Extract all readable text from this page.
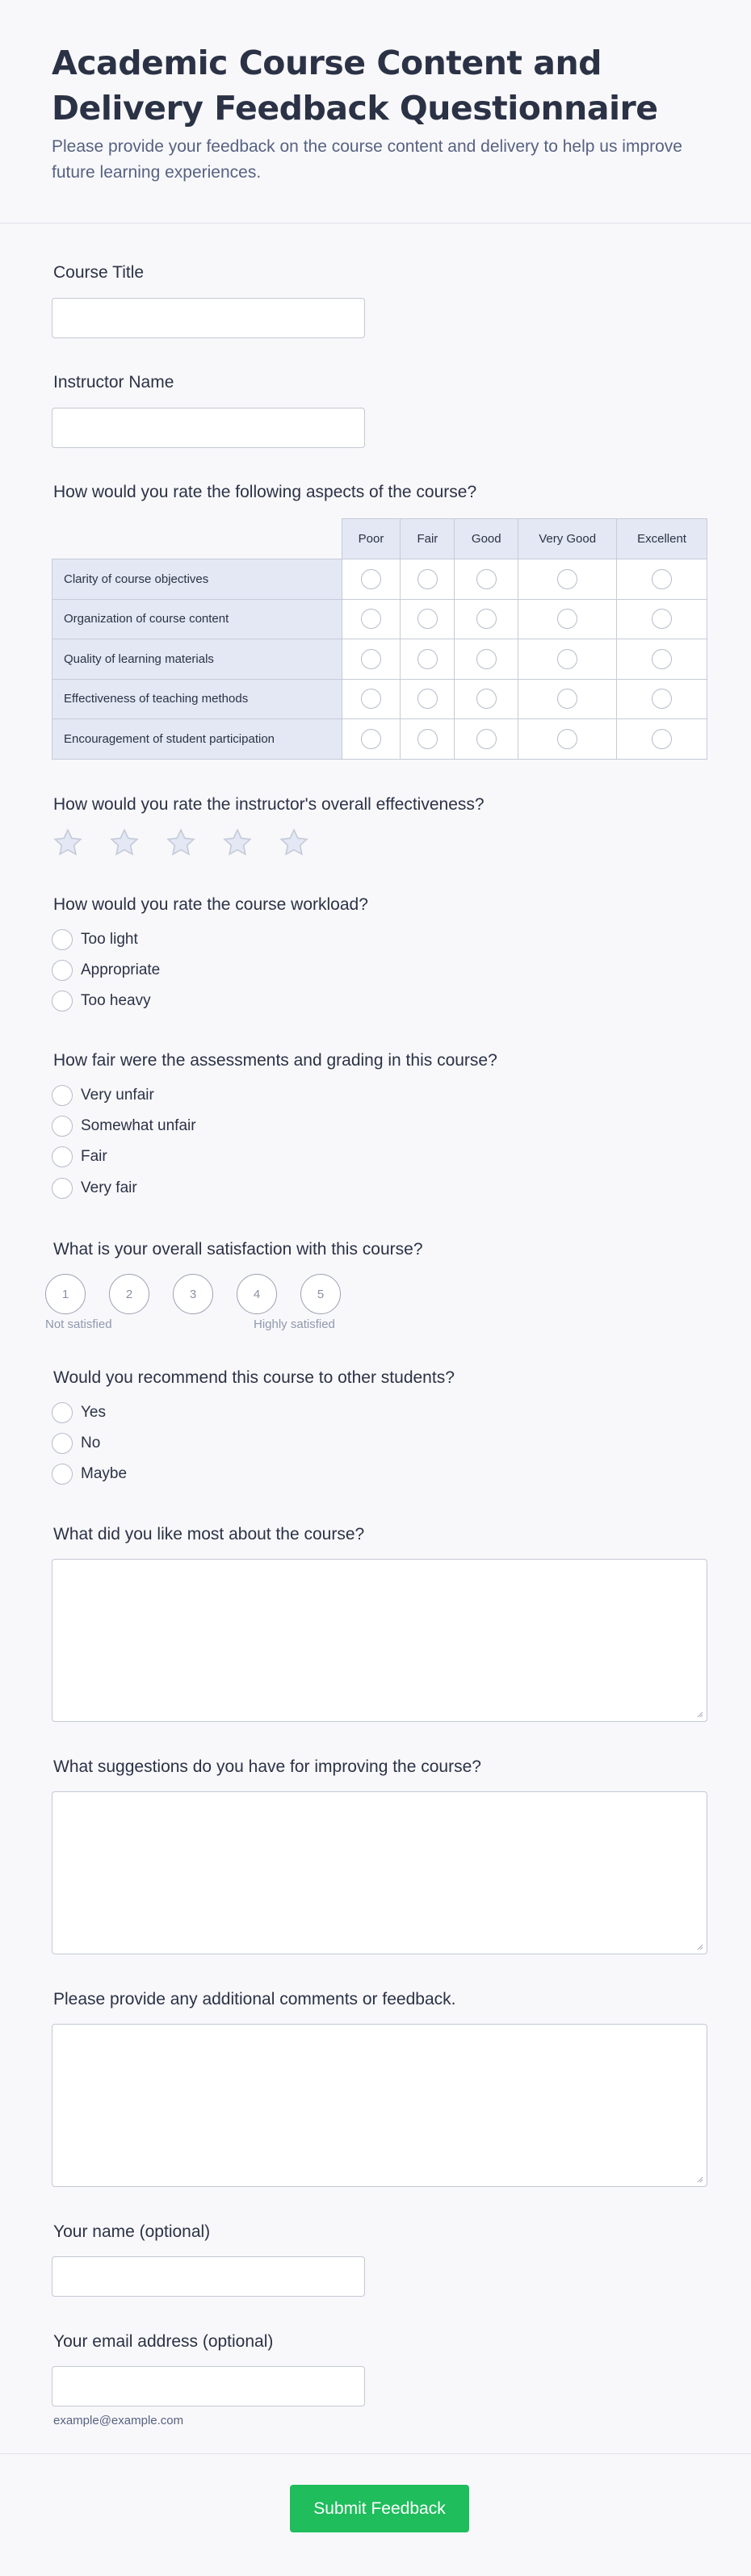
Academic Course Content and Delivery Feedback Questionnaire

Please provide your feedback on the course content and delivery to help us improve future learning experiences.

Course Title
Instructor Name
How would you rate the following aspects of the course?
	Poor	Fair	Good	Very Good	Excellent
Clarity of course objectives					
Organization of course content					
Quality of learning materials					
Effectiveness of teaching methods					
Encouragement of student participation					
How would you rate the instructor's overall effectiveness?
How would you rate the course workload?
Too light
Appropriate
Too heavy
How fair were the assessments and grading in this course?
Very unfair
Somewhat unfair
Fair
Very fair
What is your overall satisfaction with this course?
1	2	3	4	5
Not satisfied	Highly satisfied
Would you recommend this course to other students?
Yes
No
Maybe
What did you like most about the course?
What suggestions do you have for improving the course?
Please provide any additional comments or feedback.
Your name (optional)
Your email address (optional)
example@example.com
Submit Feedback
